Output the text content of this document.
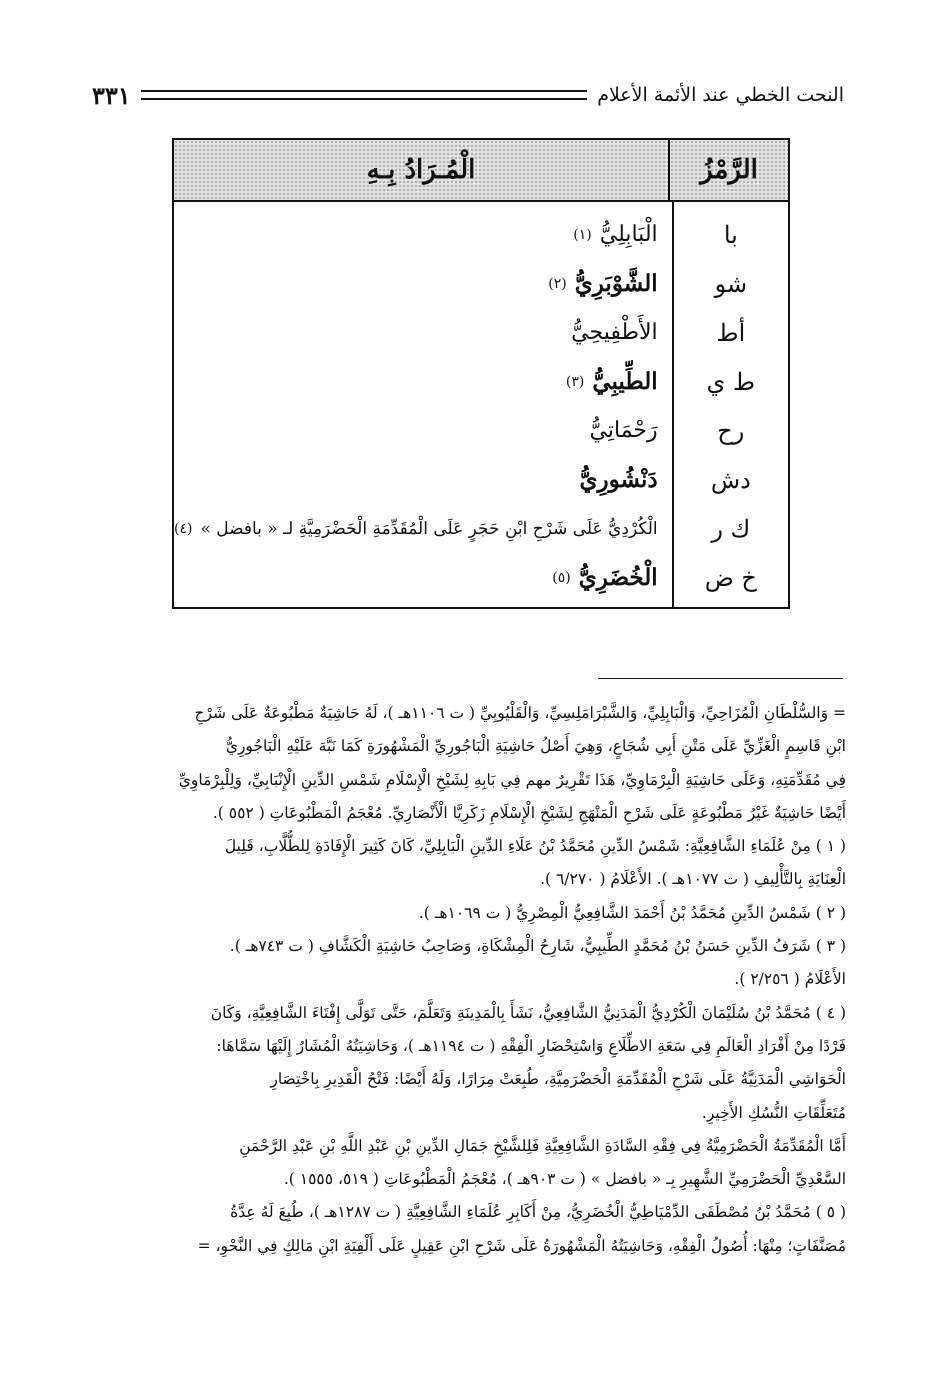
النحت الخطي عند الأئمة الأعلام
٣٣١
الرَّمْزُ
الْمُـرَادُ بِـهِ
با
شو
أط
ط ي
رح
دش
ك ر
خ ض
الْبَابِلِيُّ
(١)
الشَّوْبَرِيُّ
(٢)
الأَطْفِيحِيُّ
الطِّيبِيُّ
(٣)
رَحْمَاتِيُّ
دَنْشُورِيُّ
الْكُرْدِيُّ عَلَى شَرْحِ ابْنِ حَجَرٍ عَلَى الْمُقَدِّمَةِ الْحَضْرَمِيَّةِ لـ « بافضل »
(٤)
الْخُضَرِيُّ
(٥)
= وَالسُّلْطَانِ الْمُزَاحِيِّ، وَالْبَابِلِيِّ، وَالشَّبْرَامَلِسِيِّ، وَالْقَلْيُوبِيِّ ( ت ١١٠٦هـ )، لَهُ حَاشِيَةٌ مَطْبُوعَةٌ عَلَى شَرْحِ
ابْنِ قَاسِمٍ الْغَزِّيِّ عَلَى مَتْنِ أَبِي شُجَاعٍ، وَهِيَ أَصْلُ حَاشِيَةِ الْبَاجُورِيِّ الْمَشْهُورَةِ كَمَا نَبَّهَ عَلَيْهِ الْبَاجُورِيُّ
فِي مُقَدِّمَتِهِ، وَعَلَى حَاشِيَةِ الْبِرْمَاوِيِّ، هَذَا تَقْرِيرٌ مهم فِي بَابِهِ لِشَيْخِ الْإِسْلَامِ شَمْسِ الدِّينِ الْإِنْبَابِيِّ، وَلِلْبِرْمَاوِيِّ
أَيْضًا حَاشِيَةٌ غَيْرُ مَطْبُوعَةٍ عَلَى شَرْحِ الْمَنْهَجِ لِشَيْخِ الْإِسْلَامِ زَكَرِيَّا الْأَنْصَارِيِّ. مُعْجَمُ الْمَطْبُوعَاتِ ( ٥٥٢ ).
( ١ ) مِنْ عُلَمَاءِ الشَّافِعِيَّةِ: شَمْسُ الدِّينِ مُحَمَّدُ بْنُ عَلَاءِ الدِّينِ الْبَابِلِيِّ، كَانَ كَثِيرَ الْإِفَادَةِ لِلطُّلَّابِ، قَلِيلَ
الْعِنَايَةِ بِالتَّأْلِيفِ ( ت ١٠٧٧هـ ). الأَعْلَامُ ( ٦/٢٧٠ ).
( ٢ ) شَمْسُ الدِّينِ مُحَمَّدُ بْنُ أَحْمَدَ الشَّافِعِيُّ الْمِصْرِيُّ ( ت ١٠٦٩هـ ).
( ٣ ) شَرَفُ الدِّينِ حَسَنُ بْنُ مُحَمَّدٍ الطِّيبِيُّ، شَارِحُ الْمِشْكَاةِ، وَصَاحِبُ حَاشِيَةِ الْكَشَّافِ ( ت ٧٤٣هـ ).
الأَعْلَامُ ( ٢/٢٥٦ ).
( ٤ ) مُحَمَّدُ بْنُ سُلَيْمَانَ الْكُرْدِيُّ الْمَدَنِيُّ الشَّافِعِيُّ، نَشَأَ بِالْمَدِينَةِ وَتَعَلَّمَ، حَتَّى تَوَلَّى إِفْتَاءَ الشَّافِعِيَّةِ، وَكَانَ
فَرْدًا مِنْ أَفْرَادِ الْعَالَمِ فِي سَعَةِ الاطِّلَاعِ وَاسْتِحْضَارِ الْفِقْهِ ( ت ١١٩٤هـ )، وَحَاشِيَتُهُ الْمُشَارُ إِلَيْهَا سَمَّاهَا:
الْحَوَاشِي الْمَدَنِيَّةُ عَلَى شَرْحِ الْمُقَدِّمَةِ الْحَضْرَمِيَّةِ، طُبِعَتْ مِرَارًا، وَلَهُ أَيْضًا: فَتْحُ الْقَدِيرِ بِاخْتِصَارِ
مُتَعَلِّقَاتِ النُّسُكِ الأَخِيرِ.
أَمَّا الْمُقَدِّمَةُ الْحَضْرَمِيَّةُ فِي فِقْهِ السَّادَةِ الشَّافِعِيَّةِ فَلِلشَّيْخِ جَمَالِ الدِّينِ بْنِ عَبْدِ اللَّهِ بْنِ عَبْدِ الرَّحْمَنِ
السَّعْدِيِّ الْحَضْرَمِيِّ الشَّهِيرِ بِـ « بافضل » ( ت ٩٠٣هـ )، مُعْجَمُ الْمَطْبُوعَاتِ ( ٥١٩، ١٥٥٥ ).
( ٥ ) مُحَمَّدُ بْنُ مُصْطَفَى الدِّمْيَاطِيُّ الْخُضَرِيُّ، مِنْ أَكَابِرِ عُلَمَاءِ الشَّافِعِيَّةِ ( ت ١٢٨٧هـ )، طُبِعَ لَهُ عِدَّةُ
مُصَنَّفَاتٍ؛ مِنْهَا: أُصُولُ الْفِقْهِ، وَحَاشِيَتُهُ الْمَشْهُورَةُ عَلَى شَرْحِ ابْنِ عَقِيلٍ عَلَى أَلْفِيَةِ ابْنِ مَالِكٍ فِي النَّحْوِ، =
